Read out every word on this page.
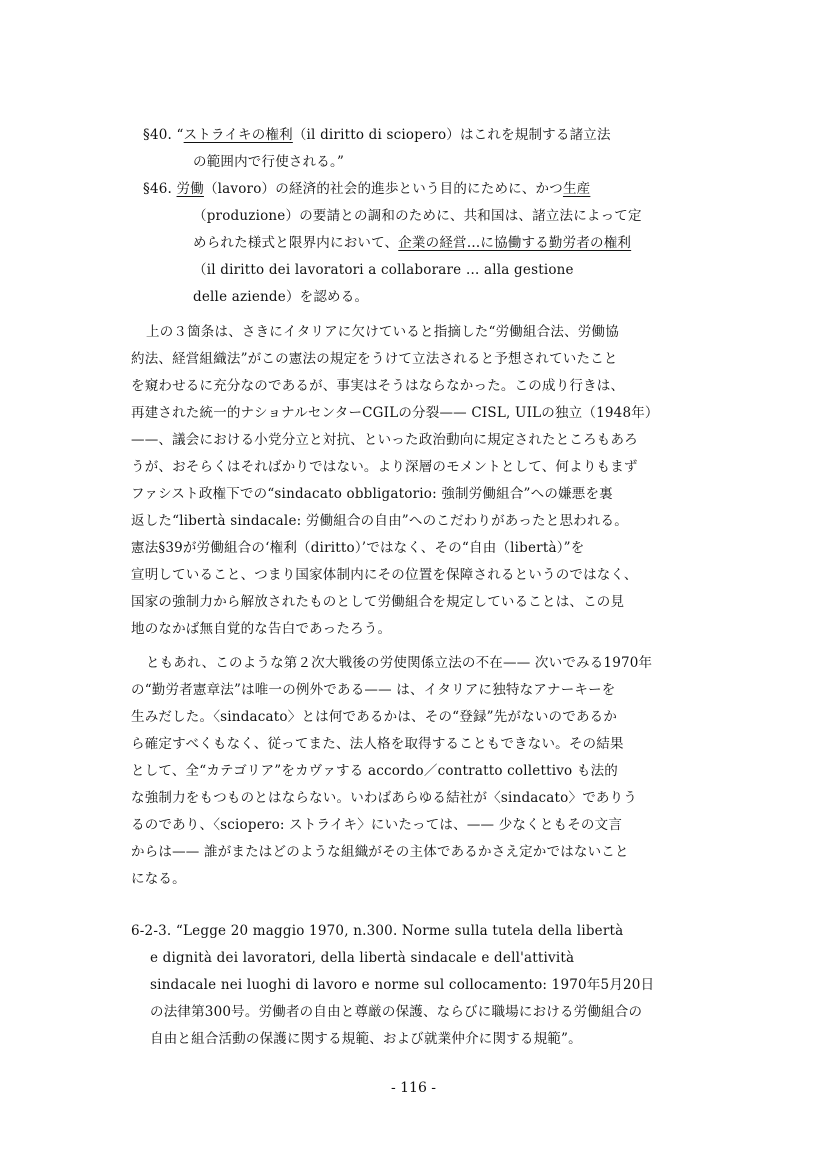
§40. “ストライキの権利（il diritto di sciopero）はこれを規制する諸立法
の範囲内で行使される。”
§46. 労働（lavoro）の経済的社会的進歩という目的にために、かつ生産
（produzione）の要請との調和のために、共和国は、諸立法によって定
められた様式と限界内において、企業の経営…に協働する勤労者の権利
（il diritto dei lavoratori a collaborare … alla gestione
delle aziende）を認める。
上の３箇条は、さきにイタリアに欠けていると指摘した“労働組合法、労働協
約法、経営組織法”がこの憲法の規定をうけて立法されると予想されていたこと
を窺わせるに充分なのであるが、事実はそうはならなかった。この成り行きは、
再建された統一的ナショナルセンターCGILの分裂—— CISL, UILの独立（1948年）
——、議会における小党分立と対抗、といった政治動向に規定されたところもあろ
うが、おそらくはそればかりではない。より深層のモメントとして、何よりもまず
ファシスト政権下での“sindacato obbligatorio: 強制労働組合”への嫌悪を裏
返した“libertà sindacale: 労働組合の自由”へのこだわりがあったと思われる。
憲法§39が労働組合の‘権利（diritto）’ではなく、その“自由（libertà）”を
宣明していること、つまり国家体制内にその位置を保障されるというのではなく、
国家の強制力から解放されたものとして労働組合を規定していることは、この見
地のなかば無自覚的な告白であったろう。
ともあれ、このような第２次大戦後の労使関係立法の不在—— 次いでみる1970年
の“勤労者憲章法”は唯一の例外である—— は、イタリアに独特なアナーキーを
生みだした。〈sindacato〉とは何であるかは、その“登録”先がないのであるか
ら確定すべくもなく、従ってまた、法人格を取得することもできない。その結果
として、全“カテゴリア”をカヴァする accordo／contratto collettivo も法的
な強制力をもつものとはならない。いわばあらゆる結社が〈sindacato〉でありう
るのであり、〈sciopero: ストライキ〉にいたっては、—— 少なくともその文言
からは—— 誰がまたはどのような組織がその主体であるかさえ定かではないこと
になる。
6-2-3. “Legge 20 maggio 1970, n.300. Norme sulla tutela della libertà
e dignità dei lavoratori, della libertà sindacale e dell'attività
sindacale nei luoghi di lavoro e norme sul collocamento: 1970年5月20日
の法律第300号。労働者の自由と尊厳の保護、ならびに職場における労働組合の
自由と組合活動の保護に関する規範、および就業仲介に関する規範”。
- 116 -
